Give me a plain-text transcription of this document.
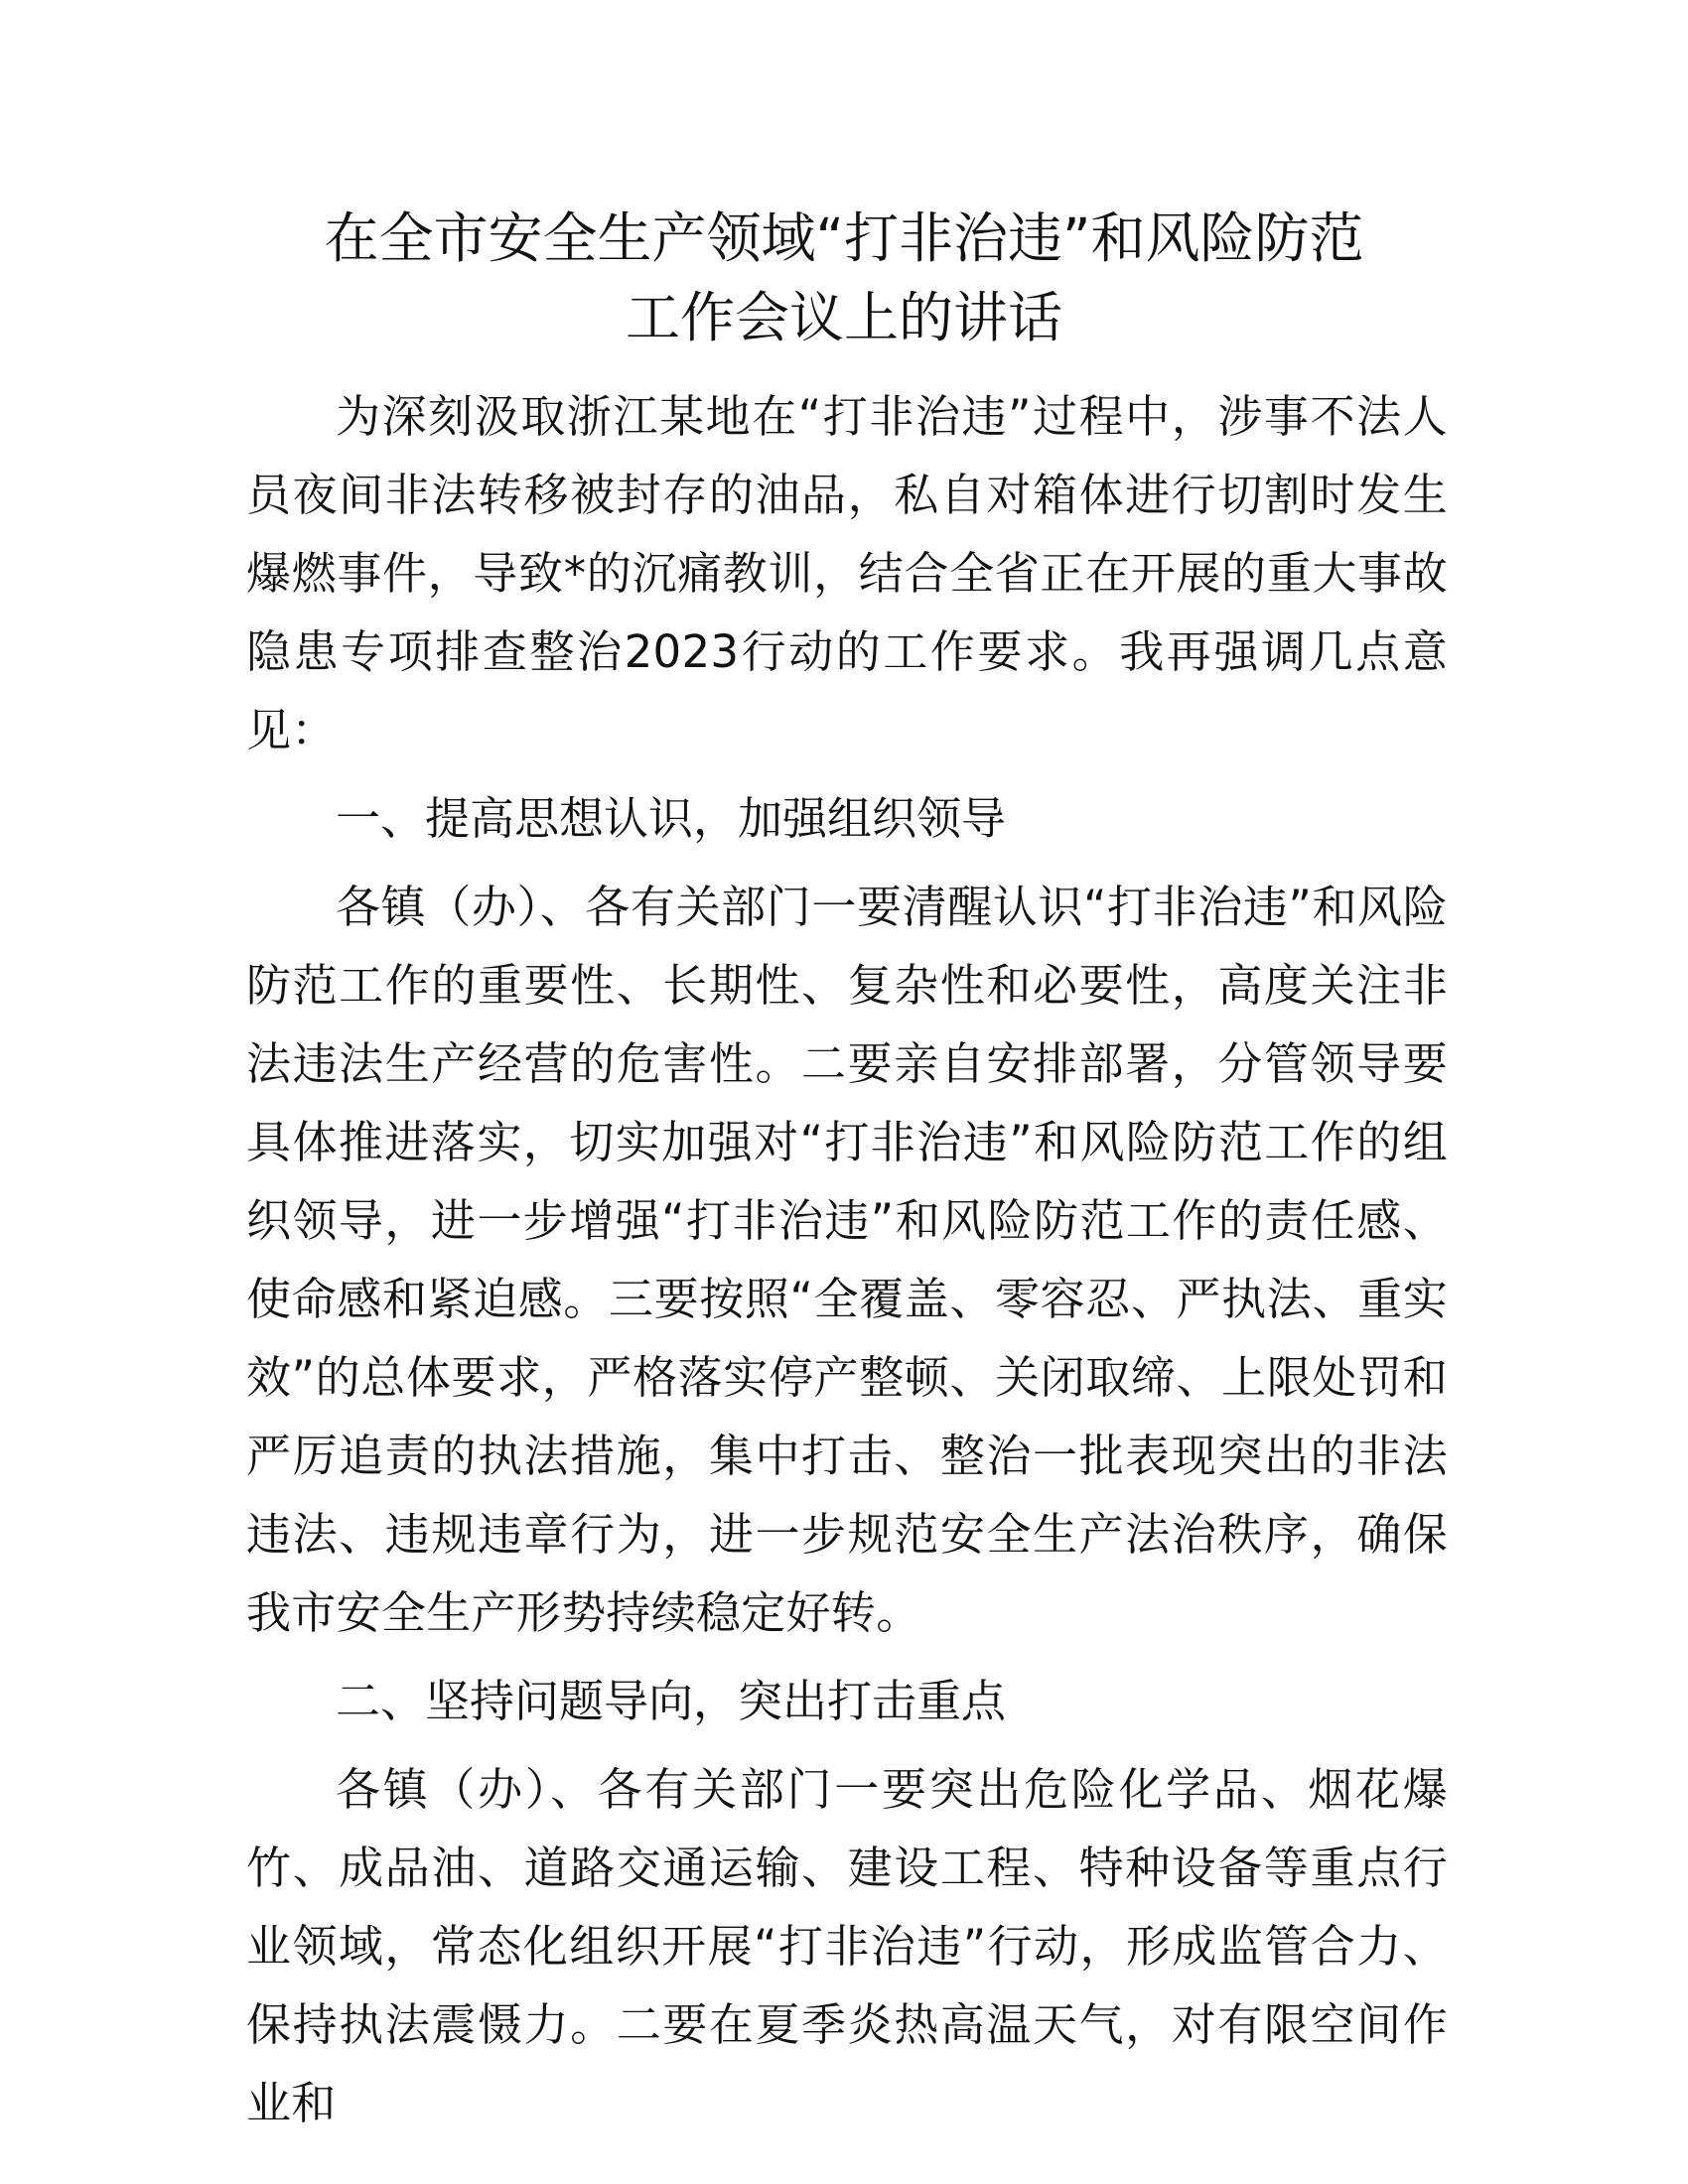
在全市安全生产领域“打非治违”和风险防范
工作会议上的讲话

为深刻汲取浙江某地在“打非治违”过程中，涉事不法人员夜间非法转移被封存的油品，私自对箱体进行切割时发生爆燃事件，导致*的沉痛教训，结合全省正在开展的重大事故隐患专项排查整治2023行动的工作要求。我再强调几点意见：

一、提高思想认识，加强组织领导

各镇（办）、各有关部门一要清醒认识“打非治违”和风险防范工作的重要性、长期性、复杂性和必要性，高度关注非法违法生产经营的危害性。二要亲自安排部署，分管领导要具体推进落实，切实加强对“打非治违”和风险防范工作的组织领导，进一步增强“打非治违”和风险防范工作的责任感、使命感和紧迫感。三要按照“全覆盖、零容忍、严执法、重实效”的总体要求，严格落实停产整顿、关闭取缔、上限处罚和严厉追责的执法措施，集中打击、整治一批表现突出的非法违法、违规违章行为，进一步规范安全生产法治秩序，确保我市安全生产形势持续稳定好转。

二、坚持问题导向，突出打击重点

各镇（办）、各有关部门一要突出危险化学品、烟花爆竹、成品油、道路交通运输、建设工程、特种设备等重点行业领域，常态化组织开展“打非治违”行动，形成监管合力、保持执法震慑力。二要在夏季炎热高温天气，对有限空间作业和
